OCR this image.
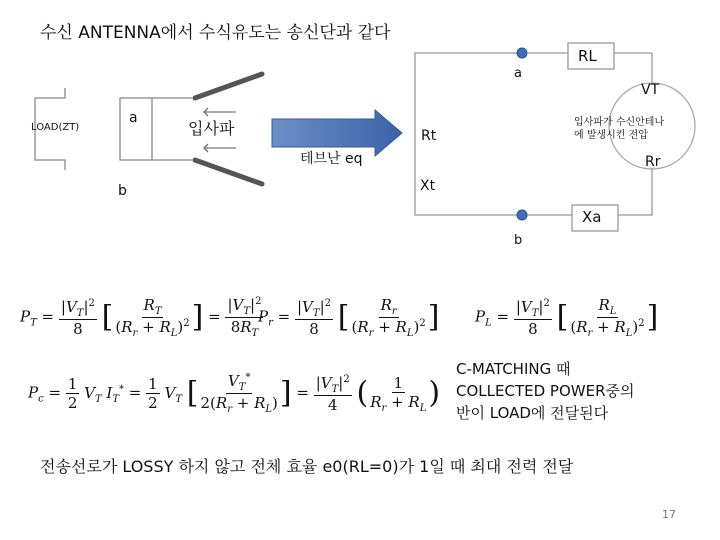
수신 ANTENNA에서 수식유도는 송신단과 같다
LOAD(ZT)
a
b
입사파
테브난 eq
Rt
Xt
a
b
RL
VT
Rr
Xa
입사파가 수신안테나
에 발생시킨 전압
$P_T = \frac{|V_T|^2}{8}$ [ $\frac{R_T}{(R_r + R_L)^2}$ ] = $\frac{|V_T|^2}{8R_T}$
$P_r = \frac{|V_T|^2}{8}$ [ $\frac{R_r}{(R_r + R_L)^2}$ ] $P_L = \frac{|V_T|^2}{8}$ [ $\frac{R_L}{(R_r + R_L)^2}$ ]
$P_c = \frac{1}{2} V_T$ $I_T^* = \frac{1}{2} V_T$ [ $\frac{V_T^*}{2(R_r + R_L)}$ ] = $\frac{|V_T|^2}{4}$ ( $\frac{1}{R_r + R_L}$ )
C-MATCHING 때
COLLECTED POWER중의
반이 LOAD에 전달된다
전송선로가 LOSSY 하지 않고 전체 효율 e0(RL=0)가 1일 때 최대 전력 전달
17
